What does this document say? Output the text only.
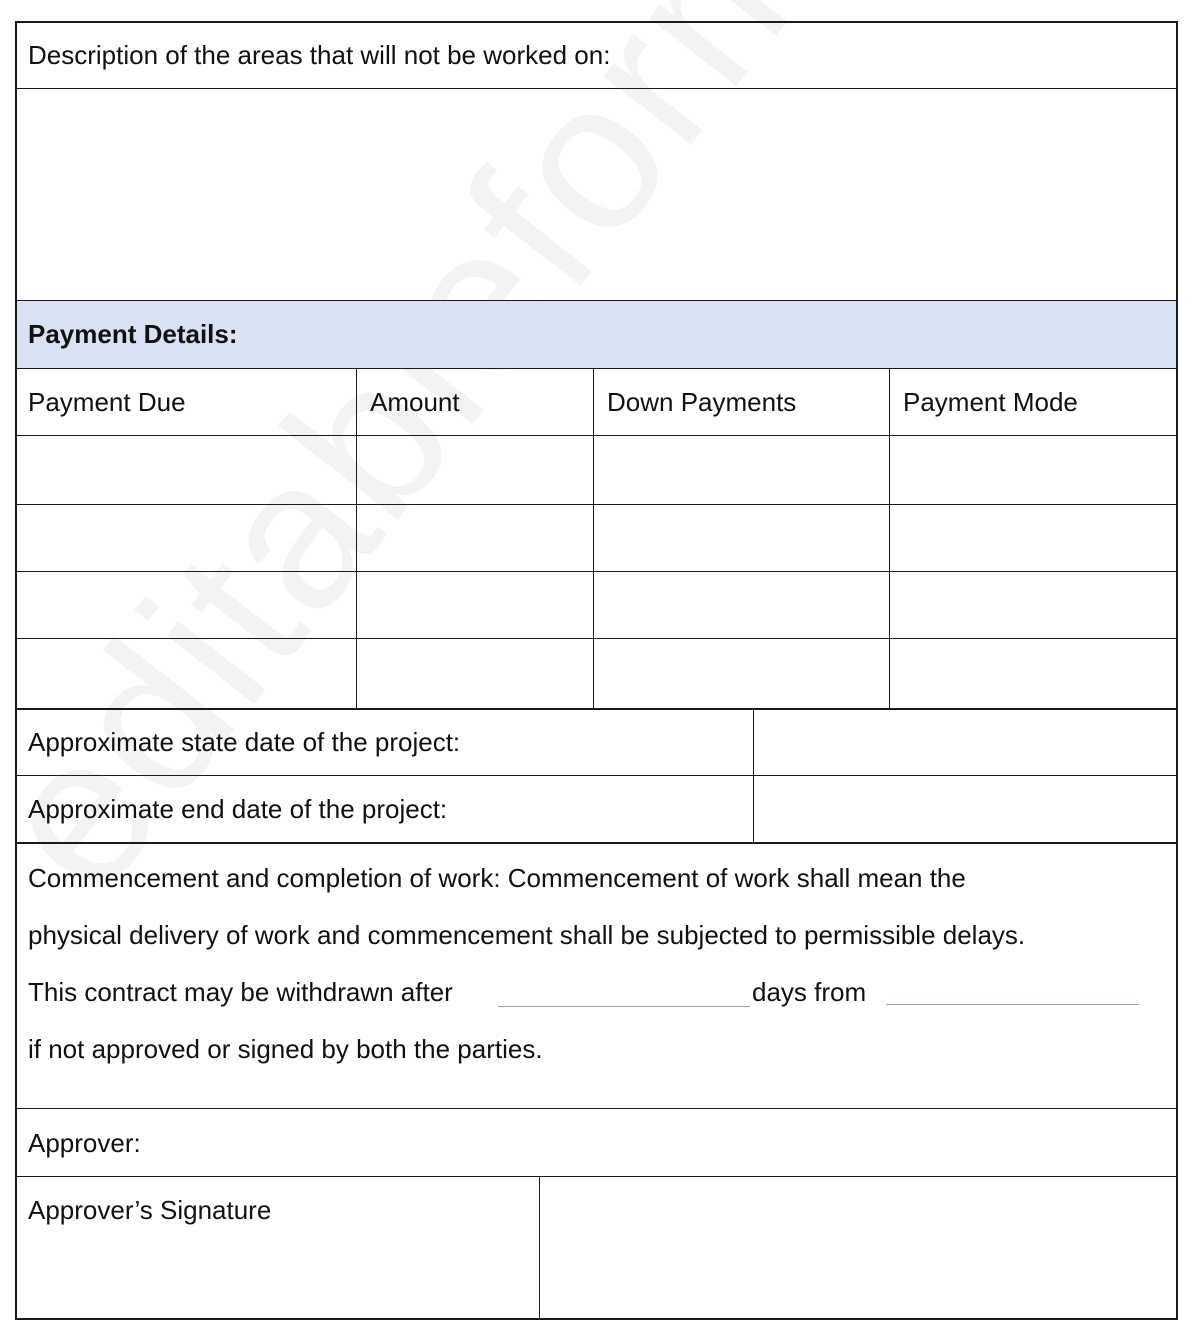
Description of the areas that will not be worked on:
Payment Details:
Payment Due	Amount	Down Payments	Payment Mode
Approximate state date of the project:
Approximate end date of the project:
Commencement and completion of work: Commencement of work shall mean the
physical delivery of work and commencement shall be subjected to permissible delays.
This contract may be withdrawn after	days from
if not approved or signed by both the parties.
Approver:
Approver’s Signature
